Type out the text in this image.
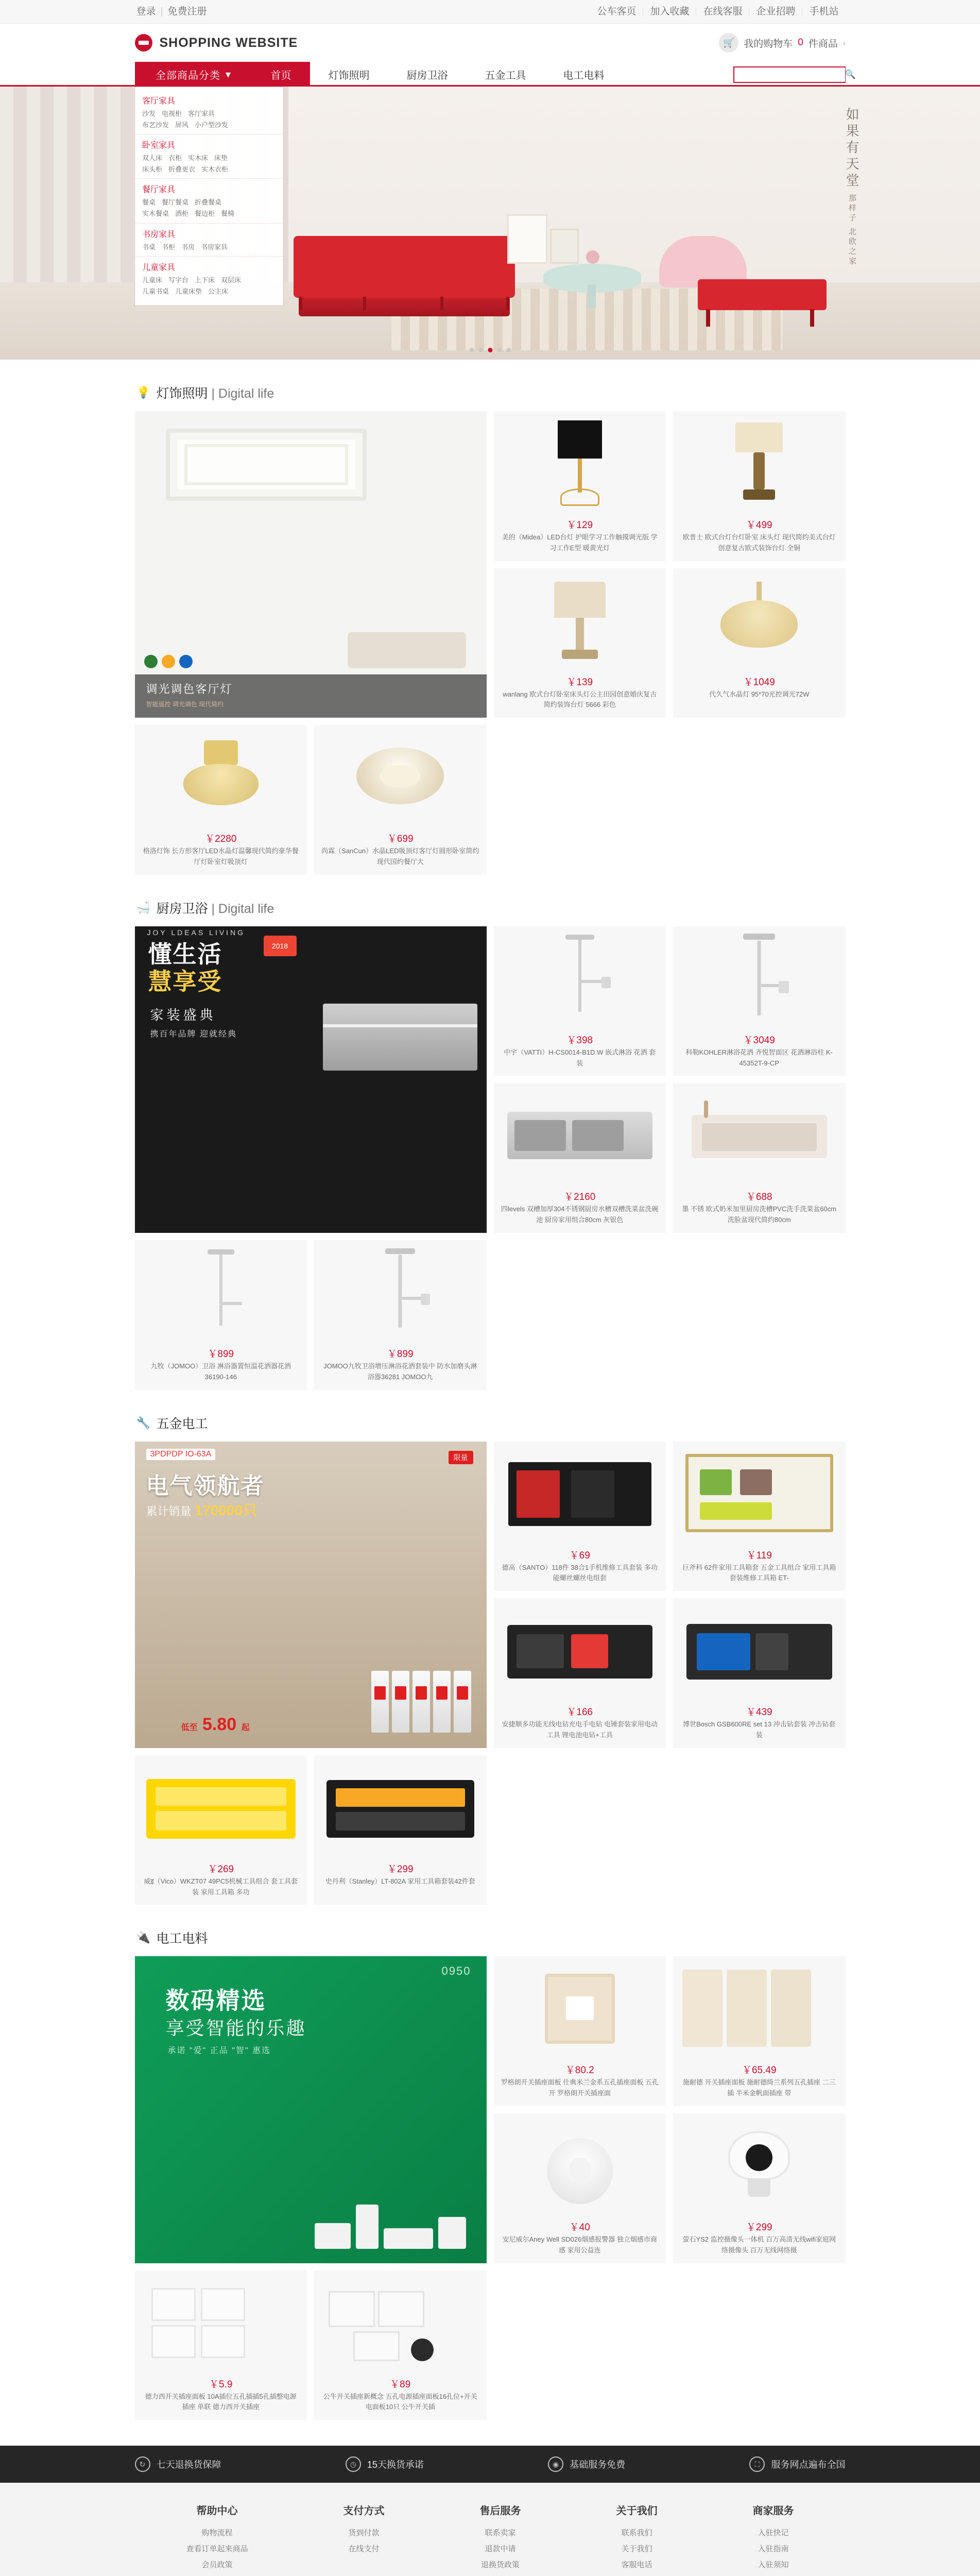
登录 | 免费注册	公车客页	加入收藏	在线客服	企业招聘	手机站
SHOPPING WEBSITE	🛒 我的购物车 0 件商品 ›
全部商品分类 ▾	首页	灯饰照明	厨房卫浴	五金工具	电工电料	🔍
如果有天堂 那样子 北欧之家
客厅家具
沙发 电视柜 客厅家具
布艺沙发 屏风 小户型沙发
卧室家具
双人床 衣柜 实木床 床垫
床头柜 折叠更衣 实木衣柜
餐厅家具
餐桌 餐厅餐桌 折叠餐桌
实木餐桌 酒柜 餐边柜 餐椅
书房家具
书桌 书柜 书房 书房家具
儿童家具
儿童床 写字台 上下床 双层床
儿童书桌 儿童床垫 公主床
💡 灯饰照明 | Digital life
调光调色客厅灯
智能遥控 调光调色 现代简约
￥129
美的（Midea）LED台灯 护眼学习工作触摸调光版 学习工作E型 暖黄光灯
￥499
欧普士 欧式台灯台灯卧室 床头灯 现代简约美式台灯创意复古欧式装饰台灯 全铜
￥139
wanlang 欧式台灯卧室床头灯公主田园创意婚庆复古简约装饰台灯 5666 彩色
￥1049
代久气水晶灯 95*70光控调光72W
￥2280
格洛灯饰 长方形客厅LED水晶灯温馨现代简约豪华餐厅灯卧室灯吸顶灯
￥699
尚霖（SanCun）水晶LED吸顶灯客厅灯圆形卧室简约现代国约餐厅大
🛁 厨房卫浴 | Digital life
JOY LDEAS LIVING
懂生活
慧享受
2018
家装盛典
携百年品牌 迎就经典
￥398
中宇（VATTI）H-CS0014-B1D.W 嵌式淋浴 花洒 套装
￥3049
科勒KOHLER淋浴花洒 齐悦智面区 花洒淋浴柱 K-45352T-9-CP
￥2160
四levels 双槽加厚304不锈钢厨房水槽双槽洗菜盆洗碗池 厨房家用组合80cm 灰银色
￥688
墨 不锈 欧式奶米加里厨房洗槽PVC洗手洗菜盆60cm洗脸盆现代简约80cm
￥899
九牧（JOMOO）卫浴 淋浴器置恒温花洒器花洒36190-146
￥899
JOMOO九牧卫浴增压淋浴花洒套装中 防水加磨头淋浴器36281 JOMOO九
🔧 五金电工
3PDPDP IO-63A	限量
电气领航者
累计销量 170000只
低至 5.80 起
￥69
德高（SANTO）118件 38合1手机维修工具套装 多功能螺丝螺丝电组套
￥119
巨斧科 62件家用工具箱套 五金工具组合 家用工具箱套装维修工具箱 ET-
￥166
安捷顺多功能无线电钻充电手电钻 电锤套装家用电动工具 锂电池电钻+工具
￥439
博世Bosch GSB600RE set 13 冲击钻套装 冲击钻套装
￥269
威इ（Vico）WKZT07 49PC5机械工具组合 套工具套装 家用工具箱 多功
￥299
史丹利（Stanley）LT-802A 家用工具箱套装42件套
🔌 电工电料
0950
数码精选
享受智能的乐趣
承诺 "爱" 正品 "智" 惠选
￥80.2
罗格朗开关插座面板 仕典米兰金系五孔插座面板 五孔开 罗格朗开关插座面
￥65.49
施耐德 开关插座面板 施耐德绮兰系列五孔插座 二三插 半米金帆面插座 带
￥40
安尼威尔Aney Well SD026烟感报警器 独立烟感市商感 家用公益连
￥299
萤石YS2 监控摄像头一体机 百万高清无线wifi家庭网络摄像头 百万无线网络摄
￥5.9
德力西开关插座面板 10A插位五孔插插5孔插整电源插座 单联 德力西开关插座
￥89
公牛开关插座新概念 五孔电源插座面板16孔位+开关电面板10只 公牛开关插
↻	七天退换货保障	◷	15天换货承诺	◉	基础服务免费	⛶	服务网点遍布全国
帮助中心
购物流程
查看订单起来商品
会员政策
支付方式
货到付款
在线支付
售后服务
联系卖家
退款中请
退换货政策
关于我们
联系我们
关于我们
客服电话
商家服务
入驻快记
入驻指南
入驻须知
